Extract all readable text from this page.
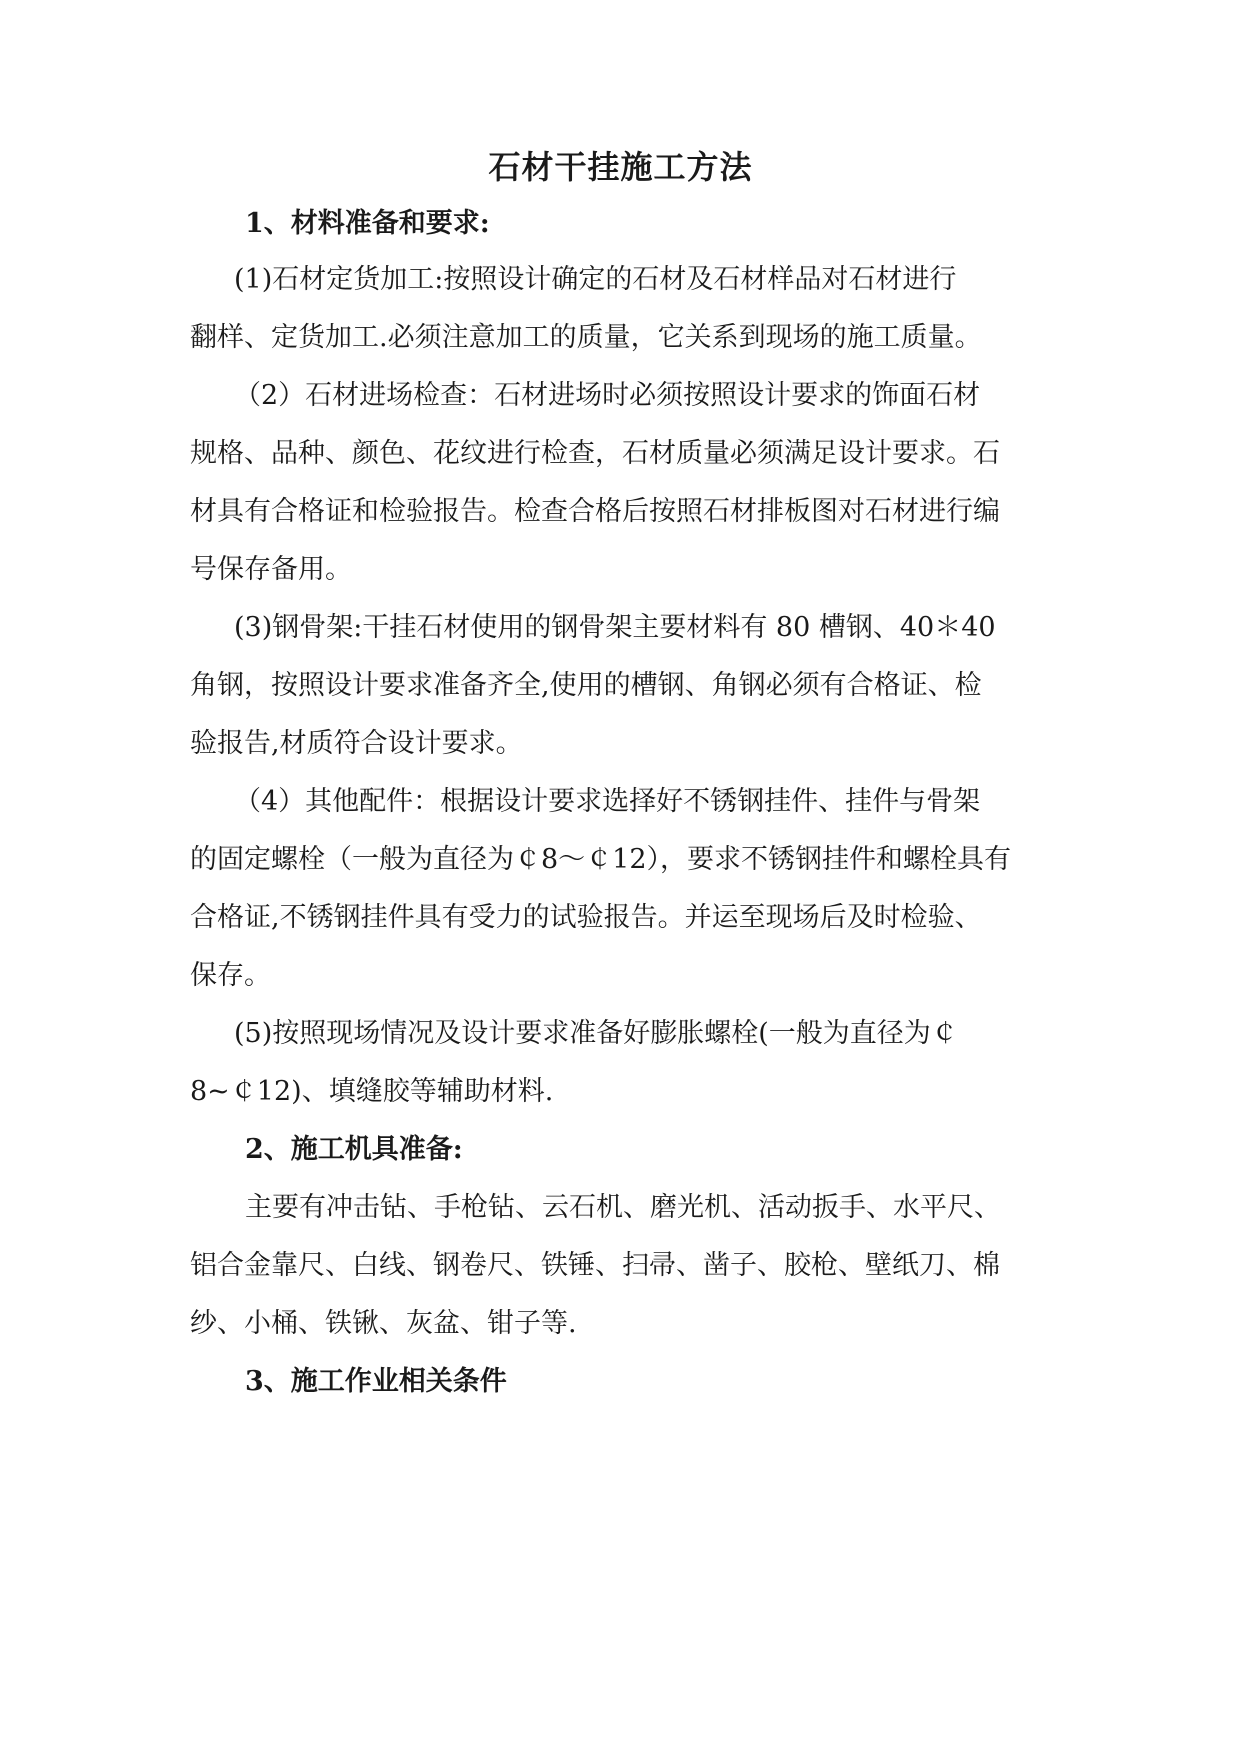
石材干挂施工方法
1、材料准备和要求:
(1)石材定货加工:按照设计确定的石材及石材样品对石材进行
翻样、定货加工.必须注意加工的质量，它关系到现场的施工质量。
（2）石材进场检查：石材进场时必须按照设计要求的饰面石材
规格、品种、颜色、花纹进行检查，石材质量必须满足设计要求。石
材具有合格证和检验报告。检查合格后按照石材排板图对石材进行编
号保存备用。
(3)钢骨架:干挂石材使用的钢骨架主要材料有 80 槽钢、40＊40
角钢，按照设计要求准备齐全,使用的槽钢、角钢必须有合格证、检
验报告,材质符合设计要求。
（4）其他配件：根据设计要求选择好不锈钢挂件、挂件与骨架
的固定螺栓（一般为直径为￠8～￠12），要求不锈钢挂件和螺栓具有
合格证,不锈钢挂件具有受力的试验报告。并运至现场后及时检验、
保存。
(5)按照现场情况及设计要求准备好膨胀螺栓(一般为直径为￠
8~￠12)、填缝胶等辅助材料.
2、施工机具准备:
主要有冲击钻、手枪钻、云石机、磨光机、活动扳手、水平尺、
铝合金靠尺、白线、钢卷尺、铁锤、扫帚、凿子、胶枪、壁纸刀、棉
纱、小桶、铁锹、灰盆、钳子等.
3、施工作业相关条件
